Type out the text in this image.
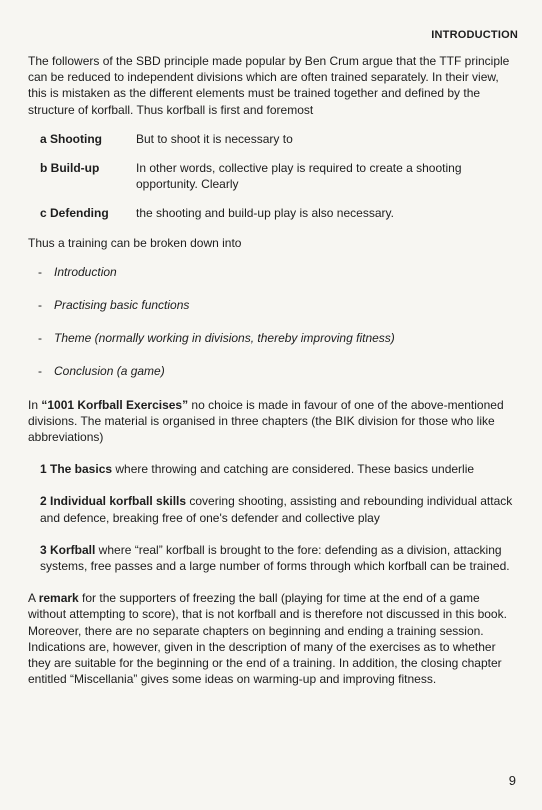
INTRODUCTION

The followers of the SBD principle made popular by Ben Crum argue that the TTF principle can be reduced to independent divisions which are often trained separately. In their view, this is mistaken as the different elements must be trained together and defined by the structure of korfball. Thus korfball is first and foremost

a Shooting	But to shoot it is necessary to
b Build-up	In other words, collective play is required to create a shooting opportunity. Clearly
c Defending	the shooting and build-up play is also necessary.

Thus a training can be broken down into

-	Introduction
-	Practising basic functions
-	Theme (normally working in divisions, thereby improving fitness)
-	Conclusion (a game)

In “1001 Korfball Exercises” no choice is made in favour of one of the above-mentioned divisions. The material is organised in three chapters (the BIK division for those who like abbreviations)

1 The basics where throwing and catching are considered. These basics underlie

2 Individual korfball skills covering shooting, assisting and rebounding individual attack and defence, breaking free of one's defender and collective play

3 Korfball where “real” korfball is brought to the fore: defending as a division, attacking systems, free passes and a large number of forms through which korfball can be trained.

A remark for the supporters of freezing the ball (playing for time at the end of a game without attempting to score), that is not korfball and is therefore not discussed in this book. Moreover, there are no separate chapters on beginning and ending a training session. Indications are, however, given in the description of many of the exercises as to whether they are suitable for the beginning or the end of a training. In addition, the closing chapter entitled “Miscellania” gives some ideas on warming-up and improving fitness.

9
